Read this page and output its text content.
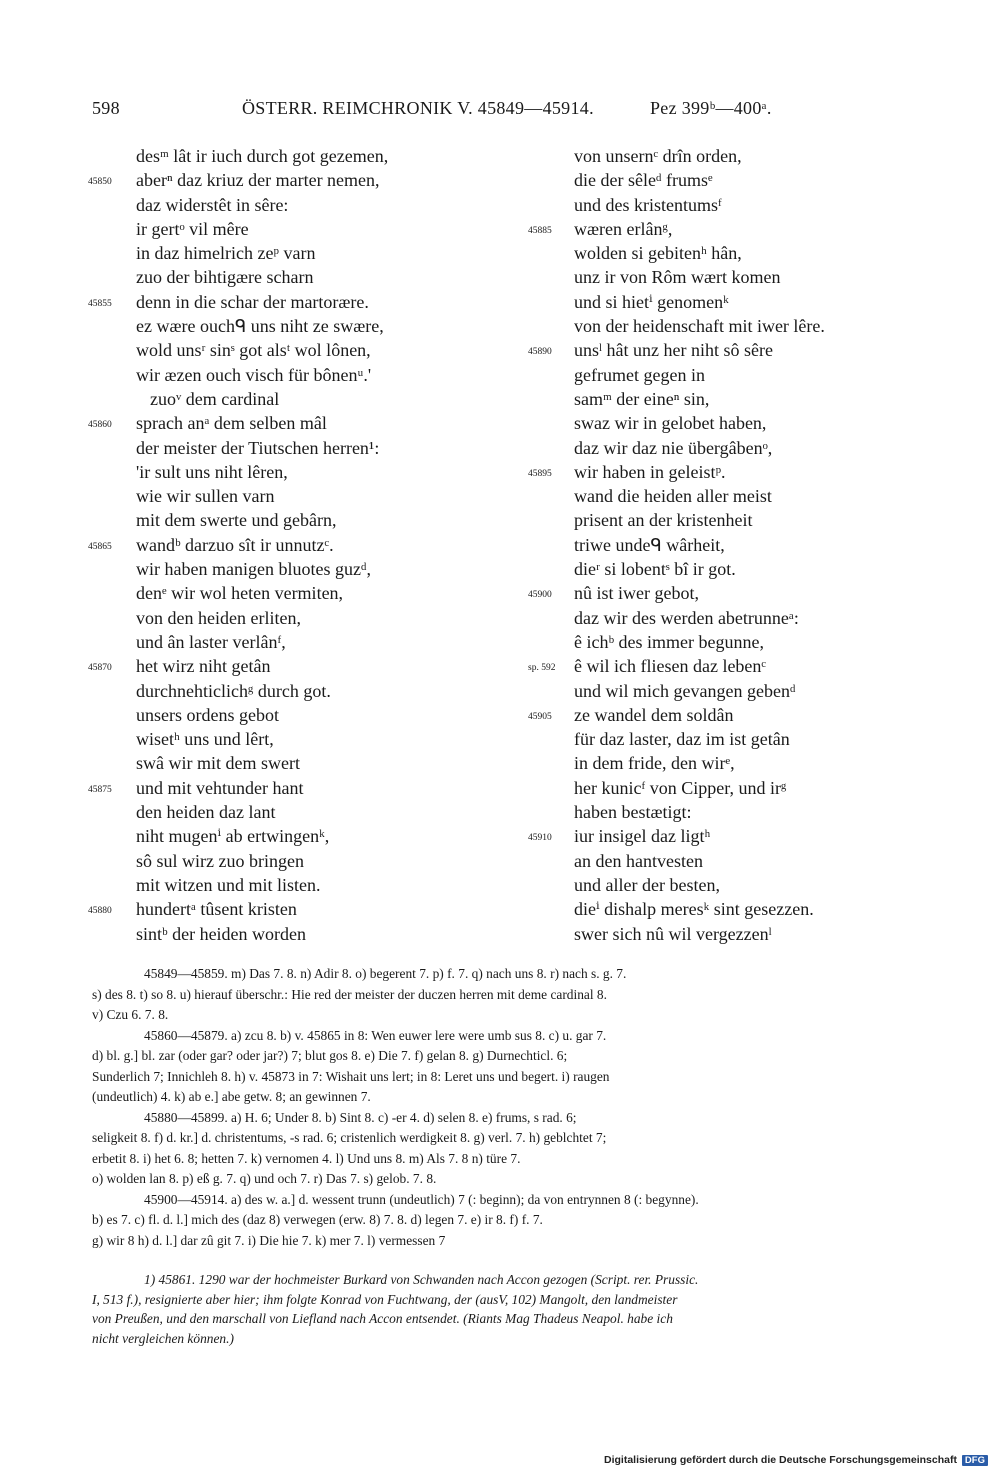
598	ÖSTERR. REIMCHRONIK V. 45849—45914.	Pez 399ᵇ—400ᵃ.
desᵐ lât ir iuch durch got gezemen,
45850 aberⁿ daz kriuz der marter nemen,
daz widerstêt in sêre:
ir gertᵒ vil mêre
in daz himelrich zeᵖ varn
zuo der bihtigære scharn
45855 denn in die schar der martorære.
ez wære ouchᑫ uns niht ze swære,
wold unsʳ sinˢ got alsᵗ wol lônen,
wir æzen ouch visch für bônenᵘ.'
zuoᵛ dem cardinal
45860 sprach anᵃ dem selben mâl
der meister der Tiutschen herren¹:
'ir sult uns niht lêren,
wie wir sullen varn
mit dem swerte und gebârn,
45865 wandᵇ darzuo sît ir unnutzᶜ.
wir haben manigen bluotes guzᵈ,
denᵉ wir wol heten vermiten,
von den heiden erliten,
und ân laster verlânᶠ,
45870 het wirz niht getân
durchnehticlichᵍ durch got.
unsers ordens gebot
wisetʰ uns und lêrt,
swâ wir mit dem swert
45875 und mit vehtunder hant
den heiden daz lant
niht mugenⁱ ab ertwingenᵏ,
sô sul wirz zuo bringen
mit witzen und mit listen.
45880 hundertᵃ tûsent kristen
sintᵇ der heiden worden
von unsernᶜ drîn orden,
die der sêleᵈ frumsᵉ
und des kristentumsᶠ
45885 wæren erlânᵍ,
wolden si gebitenʰ hân,
unz ir von Rôm wært komen
und si hietⁱ genomenᵏ
von der heidenschaft mit iwer lêre.
45890 unsˡ hât unz her niht sô sêre
gefrumet gegen in
samᵐ der eineⁿ sin,
swaz wir in gelobet haben,
daz wir daz nie übergâbenᵒ,
45895 wir haben in geleistᵖ.
wand die heiden aller meist
prisent an der kristenheit
triwe undeᑫ wârheit,
dieʳ si lobentˢ bî ir got.
45900 nû ist iwer gebot,
daz wir des werden abetrunneᵃ:
ê ichᵇ des immer begunne,
sp. 592 ê wil ich fliesen daz lebenᶜ
und wil mich gevangen gebenᵈ
45905 ze wandel dem soldân
für daz laster, daz im ist getân
in dem fride, den wirᵉ,
her kunicᶠ von Cipper, und irᵍ
haben bestætigt:
45910 iur insigel daz ligtʰ
an den hantvesten
und aller der besten,
dieⁱ dishalp meresᵏ sint gesezzen.
swer sich nû wil vergezzenˡ
45849—45859. m) Das 7. 8. n) Adir 8. o) begerent 7. p) f. 7. q) nach uns 8. r) nach s. g. 7.
s) des 8. t) so 8. u) hierauf überschr.: Hie red der meister der duczen herren mit deme cardinal 8.
v) Czu 6. 7. 8.
45860—45879. a) zcu 8. b) v. 45865 in 8: Wen euwer lere were umb sus 8. c) u. gar 7.
d) bl. g.] bl. zar (oder gar? oder jar?) 7; blut gos 8. e) Die 7. f) gelan 8. g) Durnechticl. 6;
Sunderlich 7; Innichleh 8. h) v. 45873 in 7: Wishait uns lert; in 8: Leret uns und begert. i) raugen
(undeutlich) 4. k) ab e.] abe getw. 8; an gewinnen 7.
45880—45899. a) H. 6; Under 8. b) Sint 8. c) -er 4. d) selen 8. e) frums, s rad. 6;
seligkeit 8. f) d. kr.] d. christentums, -s rad. 6; cristenlich werdigkeit 8. g) verl. 7. h) geblchtet 7;
erbetit 8. i) het 6. 8; hetten 7. k) vernomen 4. l) Und uns 8. m) Als 7. 8 n) türe 7.
o) wolden lan 8. p) eß g. 7. q) und och 7. r) Das 7. s) gelob. 7. 8.
45900—45914. a) des w. a.] d. wessent trunn (undeutlich) 7 (: beginn); da von entrynnen 8 (: begynne).
b) es 7. c) fl. d. l.] mich des (daz 8) verwegen (erw. 8) 7. 8. d) legen 7. e) ir 8. f) f. 7.
g) wir 8 h) d. l.] dar zû git 7. i) Die hie 7. k) mer 7. l) vermessen 7
1) 45861. 1290 war der hochmeister Burkard von Schwanden nach Accon gezogen (Script. rer. Prussic.
I, 513 f.), resignierte aber hier; ihm folgte Konrad von Fuchtwang, der (ausV, 102) Mangolt, den landmeister
von Preußen, und den marschall von Liefland nach Accon entsendet. (Riants Mag Thadeus Neapol. habe ich
nicht vergleichen können.)
Digitalisierung gefördert durch die Deutsche Forschungsgemeinschaft DFG
